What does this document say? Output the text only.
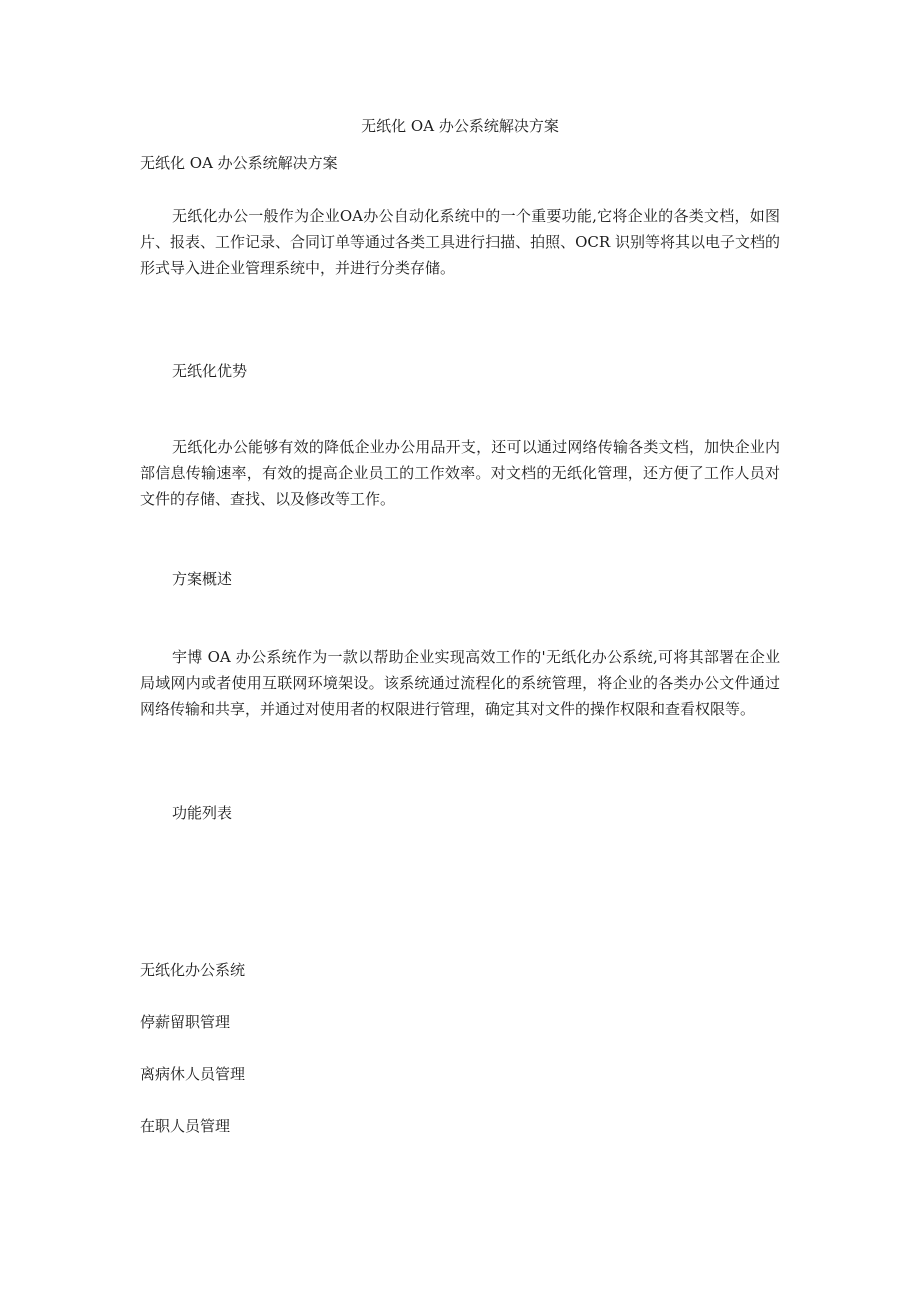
无纸化 OA 办公系统解决方案

无纸化 OA 办公系统解决方案

无纸化办公一般作为企业OA办公自动化系统中的一个重要功能,它将企业的各类文档，如图片、报表、工作记录、合同订单等通过各类工具进行扫描、拍照、OCR 识别等将其以电子文档的形式导入进企业管理系统中，并进行分类存储。

无纸化优势

无纸化办公能够有效的降低企业办公用品开支，还可以通过网络传输各类文档，加快企业内部信息传输速率，有效的提高企业员工的工作效率。对文档的无纸化管理，还方便了工作人员对文件的存储、查找、以及修改等工作。

方案概述

宇博 OA 办公系统作为一款以帮助企业实现高效工作的'无纸化办公系统,可将其部署在企业局域网内或者使用互联网环境架设。该系统通过流程化的系统管理，将企业的各类办公文件通过网络传输和共享，并通过对使用者的权限进行管理，确定其对文件的操作权限和查看权限等。

功能列表

无纸化办公系统

停薪留职管理

离病休人员管理

在职人员管理
